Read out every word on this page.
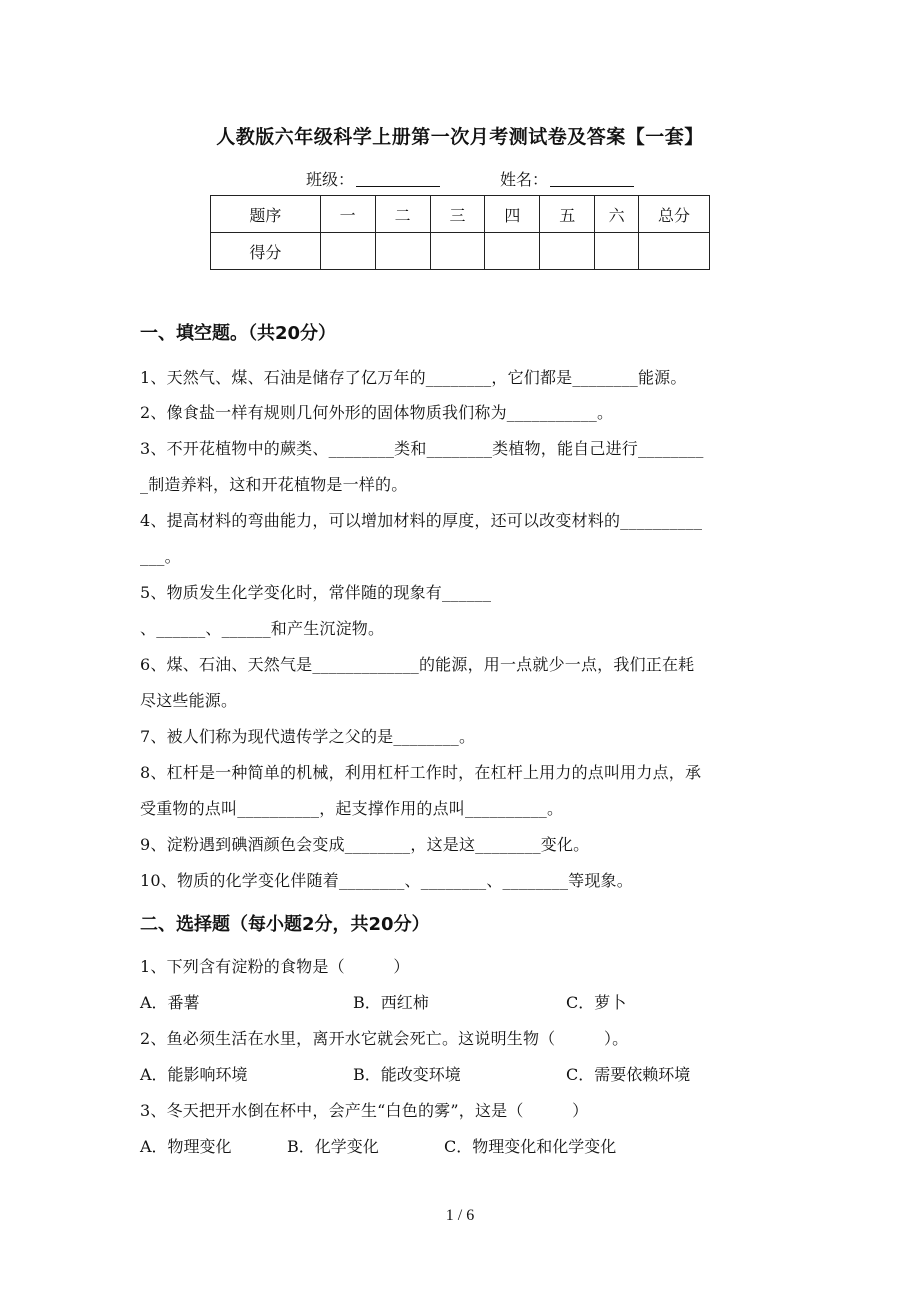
人教版六年级科学上册第一次月考测试卷及答案【一套】
班级：	姓名：
题序	一	二	三	四	五	六	总分
得分							
一、填空题。（共20分）
1、天然气、煤、石油是储存了亿万年的________，它们都是________能源。
2、像食盐一样有规则几何外形的固体物质我们称为___________。
3、不开花植物中的蕨类、________类和________类植物，能自己进行________
_制造养料，这和开花植物是一样的。
4、提高材料的弯曲能力，可以增加材料的厚度，还可以改变材料的__________
___。
5、物质发生化学变化时，常伴随的现象有______
、______、______和产生沉淀物。
6、煤、石油、天然气是_____________的能源，用一点就少一点，我们正在耗
尽这些能源。
7、被人们称为现代遗传学之父的是________。
8、杠杆是一种简单的机械，利用杠杆工作时，在杠杆上用力的点叫用力点，承
受重物的点叫__________，起支撑作用的点叫__________。
9、淀粉遇到碘酒颜色会变成________，这是这________变化。
10、物质的化学变化伴随着________、________、________等现象。
二、选择题（每小题2分，共20分）
1、下列含有淀粉的食物是（　　　）
A．番薯	B．西红柿	C．萝卜
2、鱼必须生活在水里，离开水它就会死亡。这说明生物（　　　）。
A．能影响环境	B．能改变环境	C．需要依赖环境
3、冬天把开水倒在杯中，会产生“白色的雾”，这是（　　　）
A．物理变化	B．化学变化	C．物理变化和化学变化
1 / 6
